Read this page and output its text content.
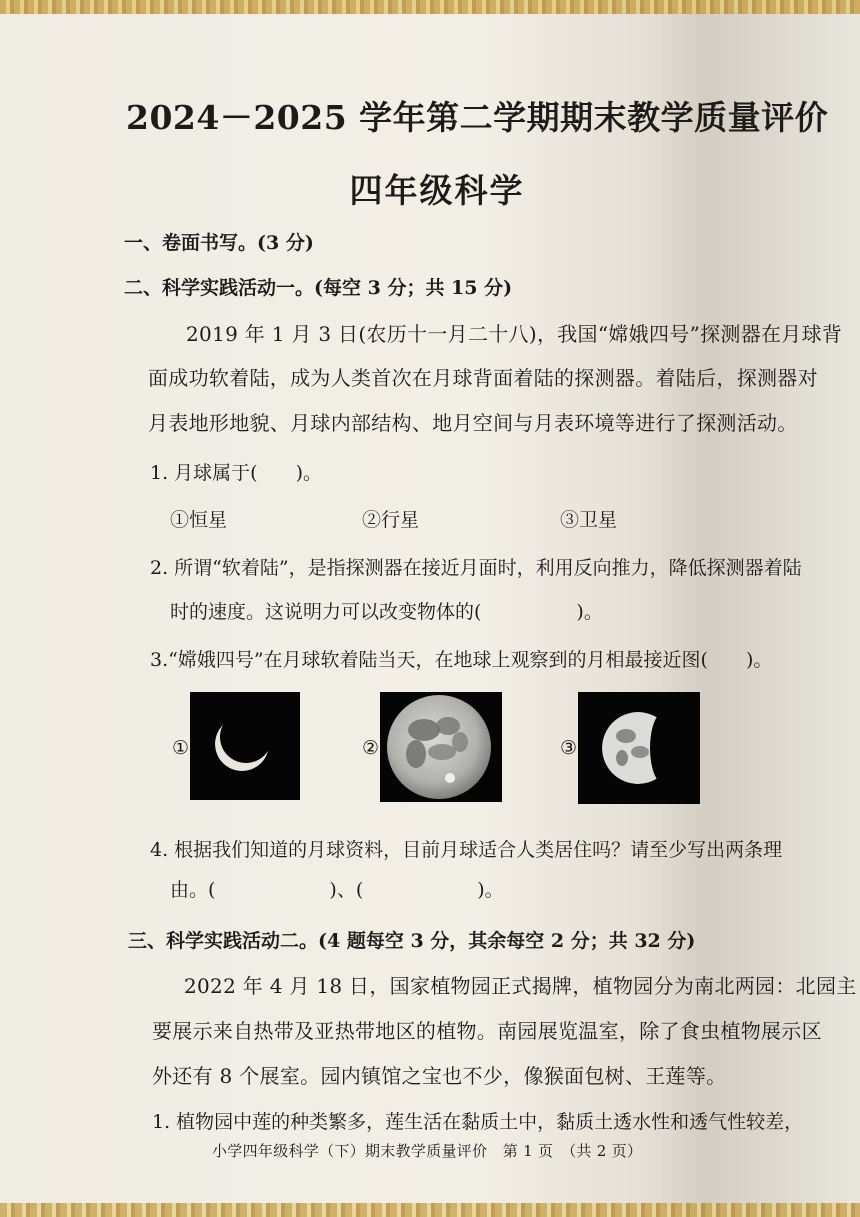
2024－2025 学年第二学期期末教学质量评价
四年级科学
一、卷面书写。(3 分)
二、科学实践活动一。(每空 3 分；共 15 分)
2019 年 1 月 3 日(农历十一月二十八)，我国“嫦娥四号”探测器在月球背
面成功软着陆，成为人类首次在月球背面着陆的探测器。着陆后，探测器对
月表地形地貌、月球内部结构、地月空间与月表环境等进行了探测活动。
1. 月球属于(　　)。
①恒星	②行星	③卫星
2. 所谓“软着陆”，是指探测器在接近月面时，利用反向推力，降低探测器着陆
时的速度。这说明力可以改变物体的(　　　　　)。
3.“嫦娥四号”在月球软着陆当天，在地球上观察到的月相最接近图(　　)。
①	②	③
4. 根据我们知道的月球资料，目前月球适合人类居住吗？请至少写出两条理
由。(　　　　　　)、(　　　　　　)。
三、科学实践活动二。(4 题每空 3 分，其余每空 2 分；共 32 分)
2022 年 4 月 18 日，国家植物园正式揭牌，植物园分为南北两园：北园主
要展示来自热带及亚热带地区的植物。南园展览温室，除了食虫植物展示区
外还有 8 个展室。园内镇馆之宝也不少，像猴面包树、王莲等。
1. 植物园中莲的种类繁多，莲生活在黏质土中，黏质土透水性和透气性较差，
小学四年级科学（下）期末教学质量评价　第 1 页　（共 2 页）
